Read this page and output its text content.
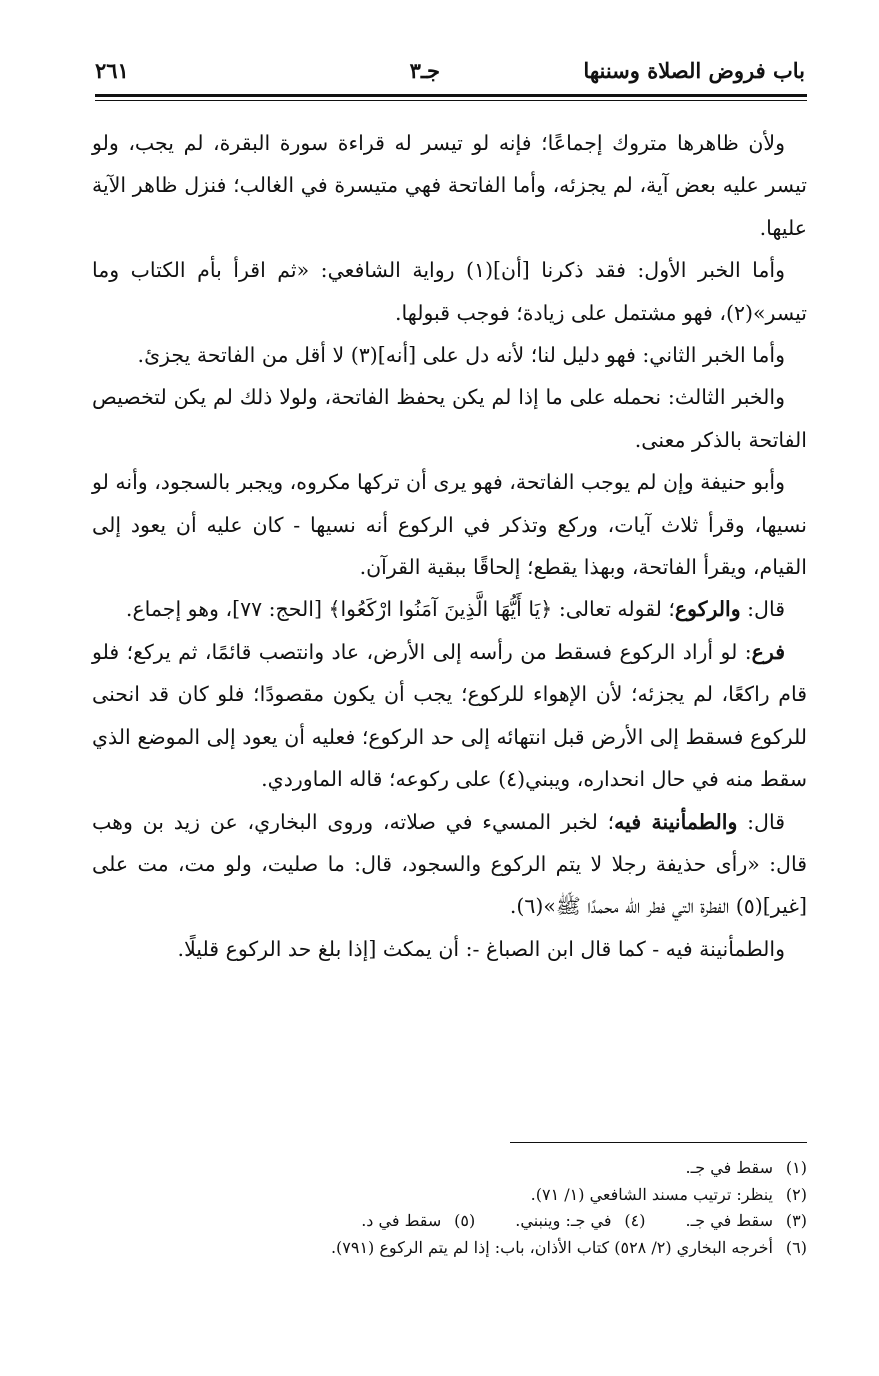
باب فروض الصلاة وسننها
جـ٣
٢٦١

ولأن ظاهرها متروك إجماعًا؛ فإنه لو تيسر له قراءة سورة البقرة، لم يجب، ولو تيسر عليه بعض آية، لم يجزئه، وأما الفاتحة فهي متيسرة في الغالب؛ فنزل ظاهر الآية عليها.

وأما الخبر الأول: فقد ذكرنا [أن](١) رواية الشافعي: «ثم اقرأ بأم الكتاب وما تيسر»(٢)، فهو مشتمل على زيادة؛ فوجب قبولها.

وأما الخبر الثاني: فهو دليل لنا؛ لأنه دل على [أنه](٣) لا أقل من الفاتحة يجزئ.

والخبر الثالث: نحمله على ما إذا لم يكن يحفظ الفاتحة، ولولا ذلك لم يكن لتخصيص الفاتحة بالذكر معنى.

وأبو حنيفة وإن لم يوجب الفاتحة، فهو يرى أن تركها مكروه، ويجبر بالسجود، وأنه لو نسيها، وقرأ ثلاث آيات، وركع وتذكر في الركوع أنه نسيها - كان عليه أن يعود إلى القيام، ويقرأ الفاتحة، وبهذا يقطع؛ إلحاقًا ببقية القرآن.

قال: والركوع؛ لقوله تعالى: ﴿يَا أَيُّهَا الَّذِينَ آمَنُوا ارْكَعُوا﴾ [الحج: ٧٧]، وهو إجماع.

فرع: لو أراد الركوع فسقط من رأسه إلى الأرض، عاد وانتصب قائمًا، ثم يركع؛ فلو قام راكعًا، لم يجزئه؛ لأن الإهواء للركوع؛ يجب أن يكون مقصودًا؛ فلو كان قد انحنى للركوع فسقط إلى الأرض قبل انتهائه إلى حد الركوع؛ فعليه أن يعود إلى الموضع الذي سقط منه في حال انحداره، ويبني(٤) على ركوعه؛ قاله الماوردي.

قال: والطمأنينة فيه؛ لخبر المسيء في صلاته، وروى البخاري، عن زيد بن وهب قال: «رأى حذيفة رجلا لا يتم الركوع والسجود، قال: ما صليت، ولو مت، مت على [غير](٥) الفطرة التي فطر الله محمدًا ﷺ»(٦).

والطمأنينة فيه - كما قال ابن الصباغ -: أن يمكث [إذا بلغ حد الركوع قليلًا.

(١)سقط في جـ.
(٢)ينظر: ترتيب مسند الشافعي (١/ ٧١).
(٣)سقط في جـ.(٤)في جـ: وينبني.(٥)سقط في د.
(٦)أخرجه البخاري (٢/ ٥٢٨) كتاب الأذان، باب: إذا لم يتم الركوع (٧٩١).
